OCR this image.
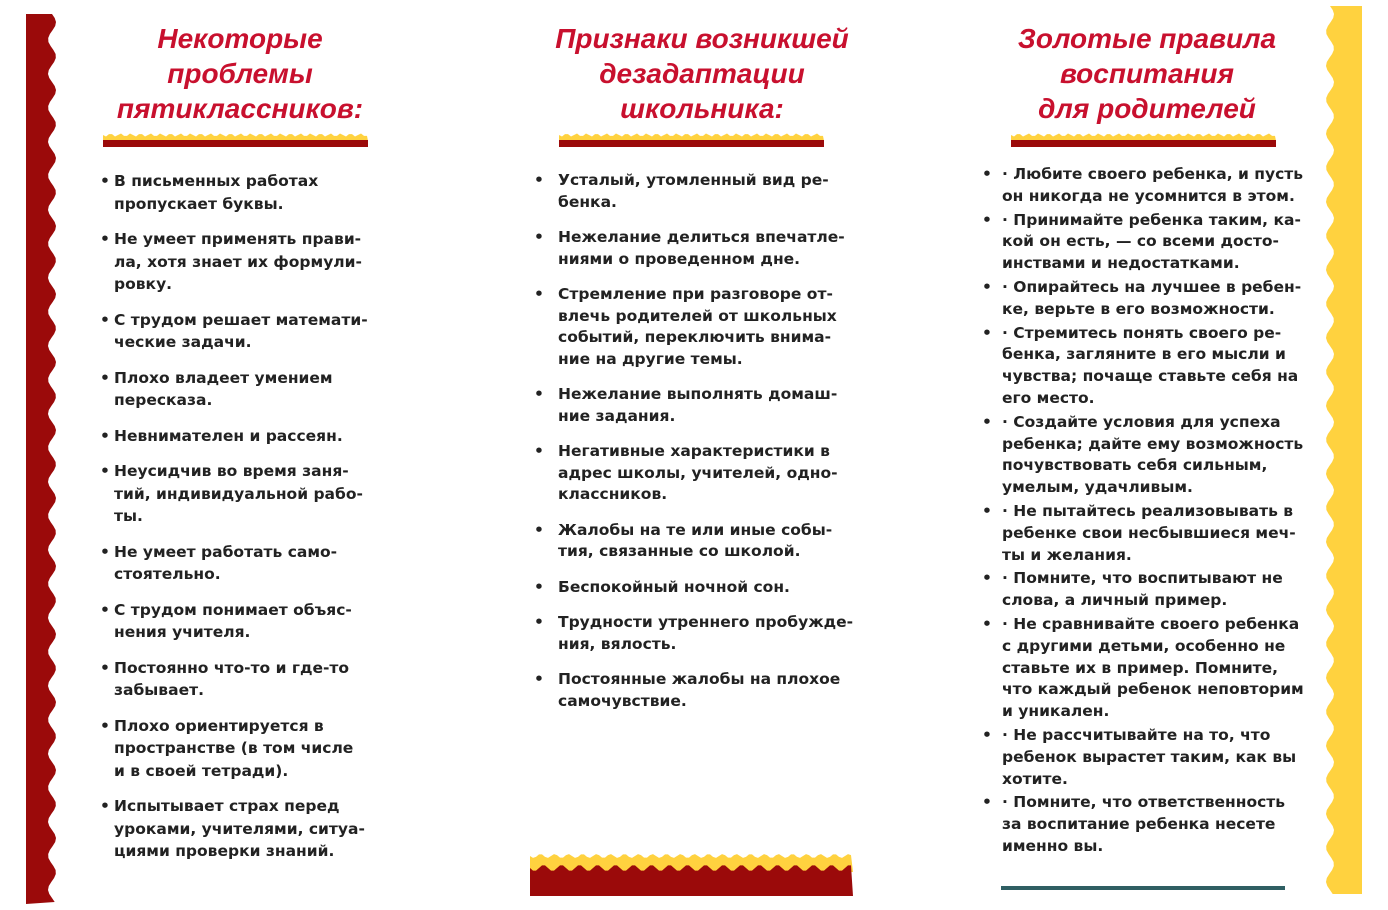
Некоторые
проблемы
пятиклассников:
• В письменных работах
пропускает буквы.
• Не умеет применять прави-
ла, хотя знает их формули-
ровку.
• С трудом решает математи-
ческие задачи.
• Плохо владеет умением
пересказа.
• Невнимателен и рассеян.
• Неусидчив во время заня-
тий, индивидуальной рабо-
ты.
• Не умеет работать само-
стоятельно.
• С трудом понимает объяс-
нения учителя.
• Постоянно что-то и где-то
забывает.
• Плохо ориентируется в
пространстве (в том числе
и в своей тетради).
• Испытывает страх перед
уроками, учителями, ситуа-
циями проверки знаний.
Признаки возникшей
дезадаптации
школьника:
• Усталый, утомленный вид ре-
бенка.
• Нежелание делиться впечатле-
ниями о проведенном дне.
• Стремление при разговоре от-
влечь родителей от школьных
событий, переключить внима-
ние на другие темы.
• Нежелание выполнять домаш-
ние задания.
• Негативные характеристики в
адрес школы, учителей, одно-
классников.
• Жалобы на те или иные собы-
тия, связанные со школой.
• Беспокойный ночной сон.
• Трудности утреннего пробужде-
ния, вялость.
• Постоянные жалобы на плохое
самочувствие.
Золотые правила
воспитания
для родителей
• · Любите своего ребенка, и пусть
он никогда не усомнится в этом.
• · Принимайте ребенка таким, ка-
кой он есть, — со всеми досто-
инствами и недостатками.
• · Опирайтесь на лучшее в ребен-
ке, верьте в его возможности.
• · Стремитесь понять своего ре-
бенка, загляните в его мысли и
чувства; почаще ставьте себя на
его место.
• · Создайте условия для успеха
ребенка; дайте ему возможность
почувствовать себя сильным,
умелым, удачливым.
• · Не пытайтесь реализовывать в
ребенке свои несбывшиеся меч-
ты и желания.
• · Помните, что воспитывают не
слова, а личный пример.
• · Не сравнивайте своего ребенка
с другими детьми, особенно не
ставьте их в пример. Помните,
что каждый ребенок неповторим
и уникален.
• · Не рассчитывайте на то, что
ребенок вырастет таким, как вы
хотите.
• · Помните, что ответственность
за воспитание ребенка несете
именно вы.
